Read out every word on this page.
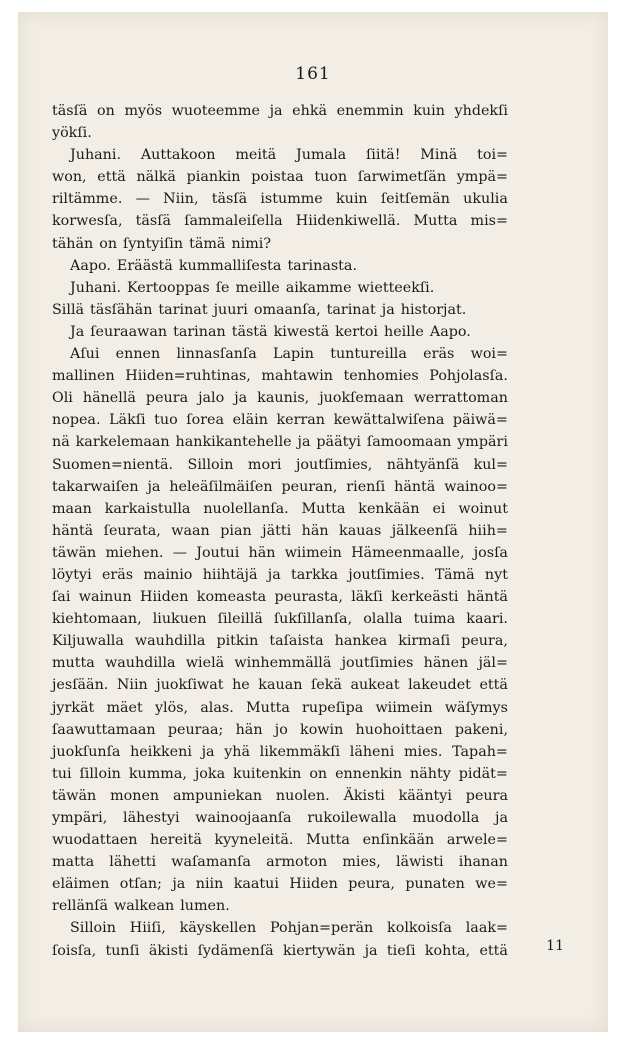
161
täsſä on myös wuoteemme ja ehkä enemmin kuin yhdekſi
yökſi.
Juhani. Auttakoon meitä Jumala ſiitä! Minä toi=
won, että nälkä piankin poistaa tuon ſarwimetſän ympä=
riltämme. — Niin, täsſä istumme kuin ſeitſemän ukulia
korwesſa, täsſä ſammaleiſella Hiidenkiwellä. Mutta mis=
tähän on ſyntyiſin tämä nimi?
Aapo. Eräästä kummalliſesta tarinasta.
Juhani. Kertooppas ſe meille aikamme wietteekſi.
Sillä täsſähän tarinat juuri omaanſa, tarinat ja historjat.
Ja ſeuraawan tarinan tästä kiwestä kertoi heille Aapo.
Aſui ennen linnasſanſa Lapin tuntureilla eräs woi=
mallinen Hiiden=ruhtinas, mahtawin tenhomies Pohjolasſa.
Oli hänellä peura jalo ja kaunis, juokſemaan werrattoman
nopea. Läkſi tuo ſorea eläin kerran kewättalwiſena päiwä=
nä karkelemaan hankikantehelle ja päätyi ſamoomaan ympäri
Suomen=nientä. Silloin mori joutſimies, nähtyänſä kul=
takarwaiſen ja heleäſilmäiſen peuran, rienſi häntä wainoo=
maan karkaistulla nuolellanſa. Mutta kenkään ei woinut
häntä ſeurata, waan pian jätti hän kauas jälkeenſä hiih=
täwän miehen. — Joutui hän wiimein Hämeenmaalle, josſa
löytyi eräs mainio hiihtäjä ja tarkka joutſimies. Tämä nyt
ſai wainun Hiiden komeasta peurasta, läkſi kerkeästi häntä
kiehtomaan, liukuen ſileillä ſukſillanſa, olalla tuima kaari.
Kiljuwalla wauhdilla pitkin taſaista hankea kirmaſi peura,
mutta wauhdilla wielä winhemmällä joutſimies hänen jäl=
jesſään. Niin juokſiwat he kauan ſekä aukeat lakeudet että
jyrkät mäet ylös, alas. Mutta rupeſipa wiimein wäſymys
ſaawuttamaan peuraa; hän jo kowin huohoittaen pakeni,
juokſunſa heikkeni ja yhä likemmäkſi läheni mies. Tapah=
tui ſilloin kumma, joka kuitenkin on ennenkin nähty pidät=
täwän monen ampuniekan nuolen. Äkisti kääntyi peura
ympäri, lähestyi wainoojaanſa rukoilewalla muodolla ja
wuodattaen hereitä kyyneleitä. Mutta enſinkään arwele=
matta lähetti waſamanſa armoton mies, läwisti ihanan
eläimen otſan; ja niin kaatui Hiiden peura, punaten we=
rellänſä walkean lumen.
Silloin Hiiſi, käyskellen Pohjan=perän kolkoisſa laak=
ſoisſa, tunſi äkisti ſydämenſä kiertywän ja tieſi kohta, että	11
